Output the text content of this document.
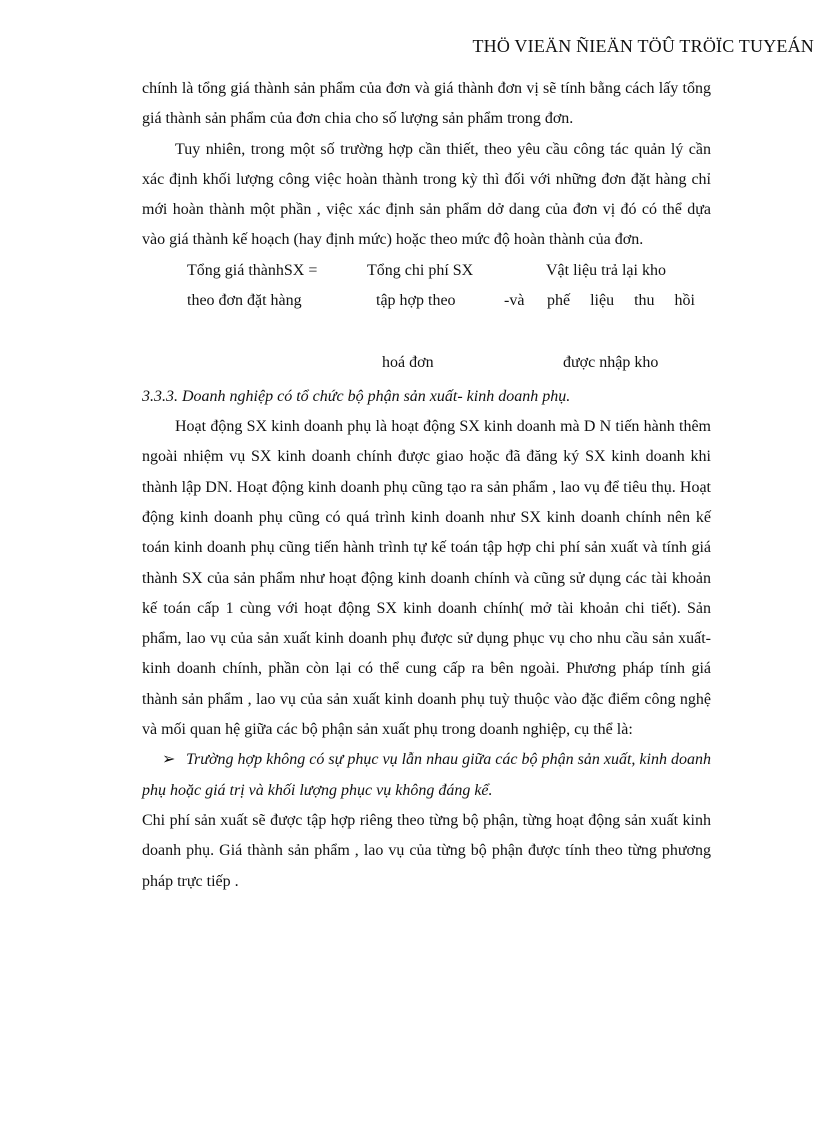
THÖ VIEÄN ÑIEÄN TÖÛ TRÖÏC TUYEÁN

chính là tổng giá thành sản phẩm của đơn và giá thành đơn vị sẽ tính bằng cách lấy tổng giá thành sản phẩm của đơn chia cho số lượng sản phẩm trong đơn.

Tuy nhiên, trong một số trường hợp cần thiết, theo yêu cầu công tác quản lý cần xác định khối lượng công việc hoàn thành trong kỳ thì đối với những đơn đặt hàng chỉ mới hoàn thành một phần , việc xác định sản phẩm dở dang của đơn vị đó có thể dựa vào giá thành kế hoạch (hay định mức) hoặc theo mức độ hoàn thành của đơn.

Tổng giá thànhSX =
theo đơn đặt hàng
Tổng chi phí SX
tập hợp theo
hoá đơn
-và
Vật liệu trả lại kho
phế     liệu     thu     hồi
được nhập kho

3.3.3. Doanh nghiệp có tổ chức bộ phận sản xuất- kinh doanh phụ.

Hoạt động SX kinh doanh phụ là hoạt động SX kinh doanh mà D N tiến hành thêm ngoài nhiệm vụ SX kinh doanh chính được giao hoặc đã đăng ký SX kinh doanh khi thành lập DN. Hoạt động kinh doanh phụ cũng tạo ra sản phẩm , lao vụ để tiêu thụ. Hoạt động kinh doanh phụ cũng có quá trình kinh doanh như SX kinh doanh chính nên kế toán kinh doanh phụ cũng tiến hành trình tự kế toán tập hợp chi phí sản xuất và tính giá thành SX của sản phẩm như hoạt động kinh doanh chính và cũng sử dụng các tài khoản kế toán cấp 1 cùng với hoạt động SX kinh doanh chính( mở tài khoản chi tiết). Sản phẩm, lao vụ của sản xuất kinh doanh phụ được sử dụng phục vụ cho nhu cầu sản xuất- kinh doanh chính, phần còn lại có thể cung cấp ra bên ngoài. Phương pháp tính giá thành sản phẩm , lao vụ của sản xuất kinh doanh phụ tuỳ thuộc vào đặc điểm công nghệ và mối quan hệ giữa các bộ phận sản xuất phụ trong doanh nghiệp, cụ thể là:

➢ Trường hợp không có sự phục vụ lẫn nhau giữa các bộ phận sản xuất, kinh doanh phụ hoặc giá trị và khối lượng phục vụ không đáng kể.

Chi phí sản xuất sẽ được tập hợp riêng theo từng bộ phận, từng hoạt động sản xuất kinh doanh phụ. Giá thành sản phẩm , lao vụ của từng bộ phận được tính theo từng phương pháp trực tiếp .
